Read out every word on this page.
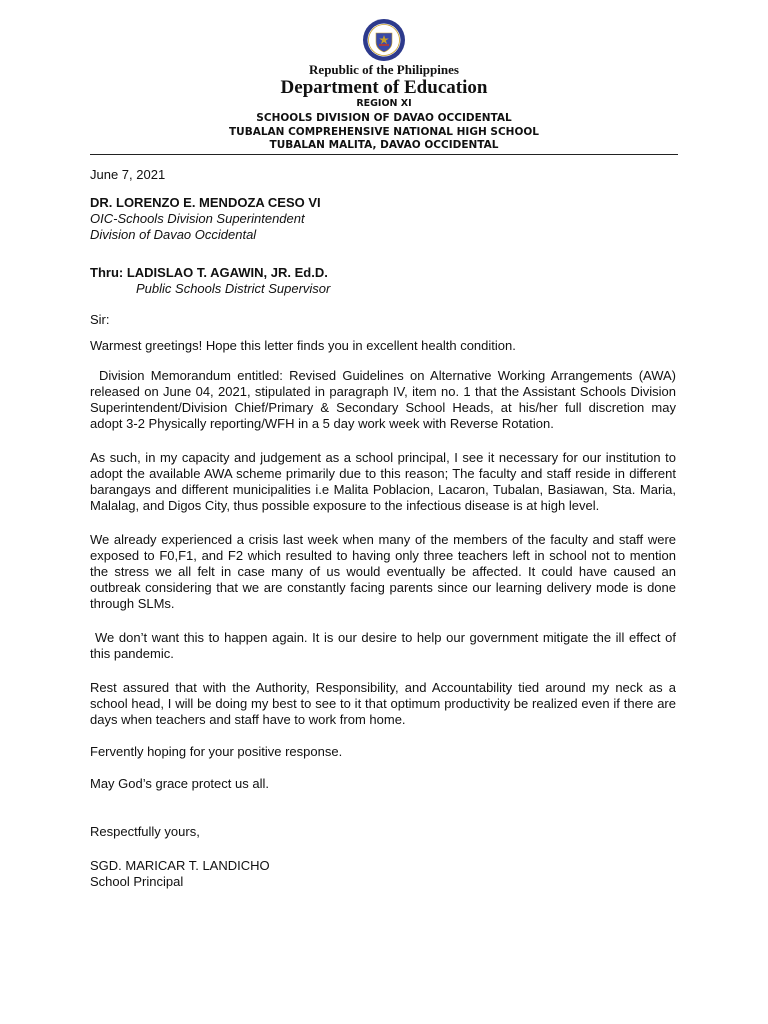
Republic of the Philippines

Department of Education

REGION XI

SCHOOLS DIVISION OF DAVAO OCCIDENTAL

TUBALAN COMPREHENSIVE NATIONAL HIGH SCHOOL

TUBALAN MALITA, DAVAO OCCIDENTAL

June 7, 2021

DR. LORENZO E. MENDOZA CESO VI

OIC-Schools Division Superintendent

Division of Davao Occidental

Thru: LADISLAO T. AGAWIN, JR. Ed.D.

Public Schools District Supervisor

Sir:

Warmest greetings! Hope this letter finds you in excellent health condition.

Division Memorandum entitled: Revised Guidelines on Alternative Working Arrangements (AWA) released on June 04, 2021, stipulated in paragraph IV, item no. 1 that the Assistant Schools Division Superintendent/Division Chief/Primary & Secondary School Heads, at his/her full discretion may adopt 3-2 Physically reporting/WFH in a 5 day work week with Reverse Rotation.

As such, in my capacity and judgement as a school principal, I see it necessary for our institution to adopt the available AWA scheme primarily due to this reason; The faculty and staff reside in different barangays and different municipalities i.e Malita Poblacion, Lacaron, Tubalan, Basiawan, Sta. Maria, Malalag, and Digos City, thus possible exposure to the infectious disease is at high level.

We already experienced a crisis last week when many of the members of the faculty and staff were exposed to F0,F1, and F2 which resulted to having only three teachers left in school not to mention the stress we all felt in case many of us would eventually be affected. It could have caused an outbreak considering that we are constantly facing parents since our learning delivery mode is done through SLMs.

We don’t want this to happen again. It is our desire to help our government mitigate the ill effect of this pandemic.

Rest assured that with the Authority, Responsibility, and Accountability tied around my neck as a school head, I will be doing my best to see to it that optimum productivity be realized even if there are days when teachers and staff have to work from home.

Fervently hoping for your positive response.

May God’s grace protect us all.

Respectfully yours,

SGD. MARICAR T. LANDICHO

School Principal
